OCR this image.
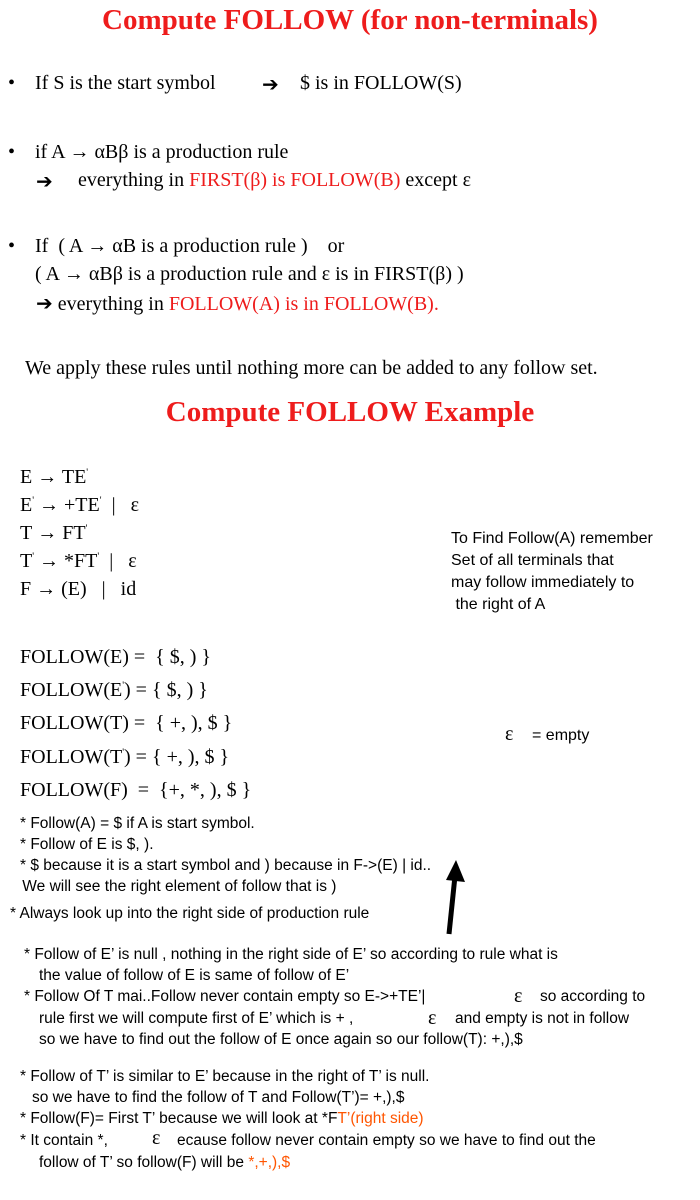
Compute FOLLOW (for non-terminals)
• If S is the start symbol ➔ $ is in FOLLOW(S)
• if A → αBβ is a production rule
➔ everything in FIRST(β) is FOLLOW(B) except ε
• If  ( A → αB is a production rule )    or
( A → αBβ is a production rule and ε is in FIRST(β) )
➔ everything in FOLLOW(A) is in FOLLOW(B).
We apply these rules until nothing more can be added to any follow set.
Compute FOLLOW Example
E → TE'
E' → +TE'  |   ε
T → FT'
T' → *FT'  |   ε
F → (E)   |   id
To Find Follow(A) remember
Set of all terminals that
may follow immediately to
the right of A
FOLLOW(E) =  { $, ) }
FOLLOW(E') = { $, ) }
FOLLOW(T) =  { +, ), $ }
FOLLOW(T') = { +, ), $ }
FOLLOW(F)  =  {+, *, ), $ }
ε = empty
* Follow(A) = $ if A is start symbol.
* Follow of E is $, ).
* $ because it is a start symbol and ) because in F->(E) | id..
We will see the right element of follow that is )
* Always look up into the right side of production rule
* Follow of E’ is null , nothing in the right side of E’ so according to rule what is
the value of follow of E is same of follow of E’
* Follow Of T mai..Follow never contain empty so E->+TE’|	ε so according to
rule first we will compute first of E’ which is + ,	ε and empty is not in follow
so we have to find out the follow of E once again so our follow(T): +,),$
* Follow of T’ is similar to E’ because in the right of T’ is null.
so we have to find the follow of T and Follow(T’)= +,),$
* Follow(F)= First T’ because we will look at *FT’(right side)
* It contain *, ε ecause follow never contain empty so we have to find out the
follow of T’ so follow(F) will be *,+,),$
